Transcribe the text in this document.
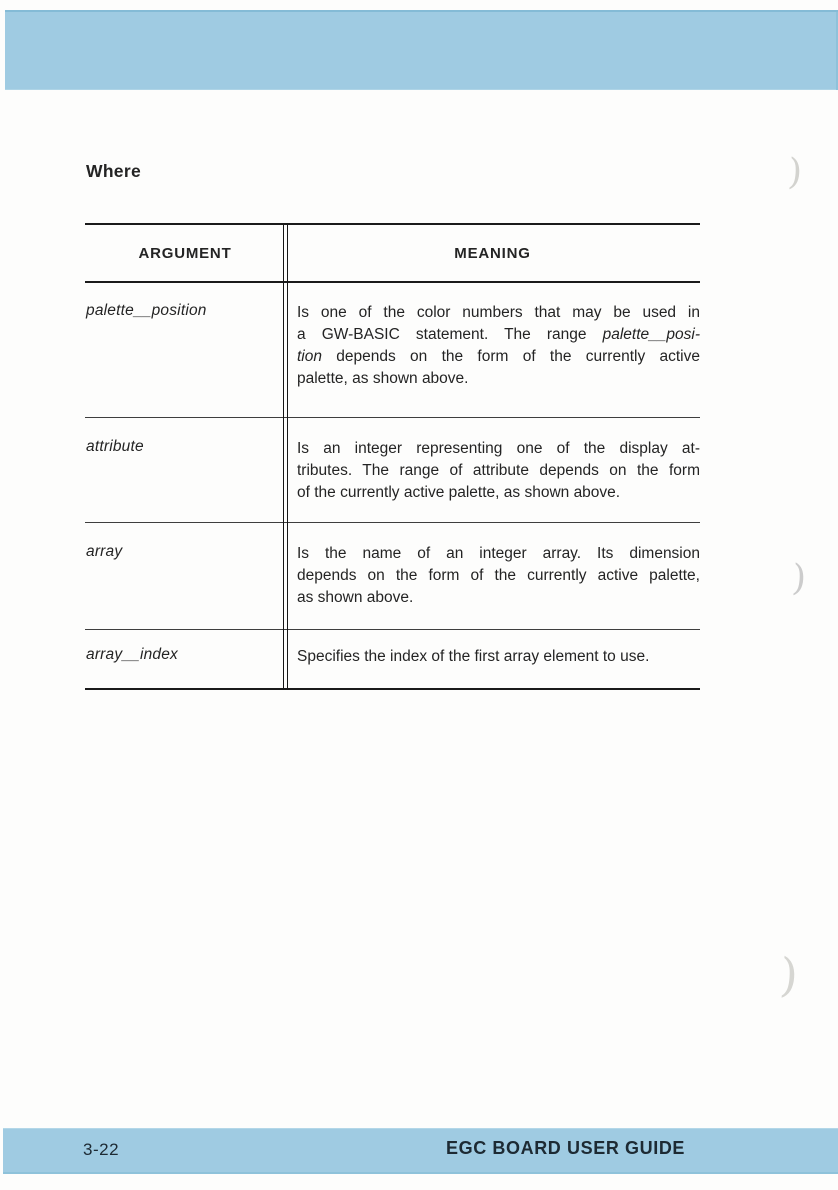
Where
ARGUMENT	MEANING
palette__position	Is one of the color numbers that may be used in
a GW-BASIC statement. The range palette__posi-
tion depends on the form of the currently active
palette, as shown above.
attribute	Is an integer representing one of the display at-
tributes. The range of attribute depends on the form
of the currently active palette, as shown above.
array	Is the name of an integer array. Its dimension
depends on the form of the currently active palette,
as shown above.
array__index	Specifies the index of the first array element to use.
)
)
)
3-22	EGC BOARD USER GUIDE
